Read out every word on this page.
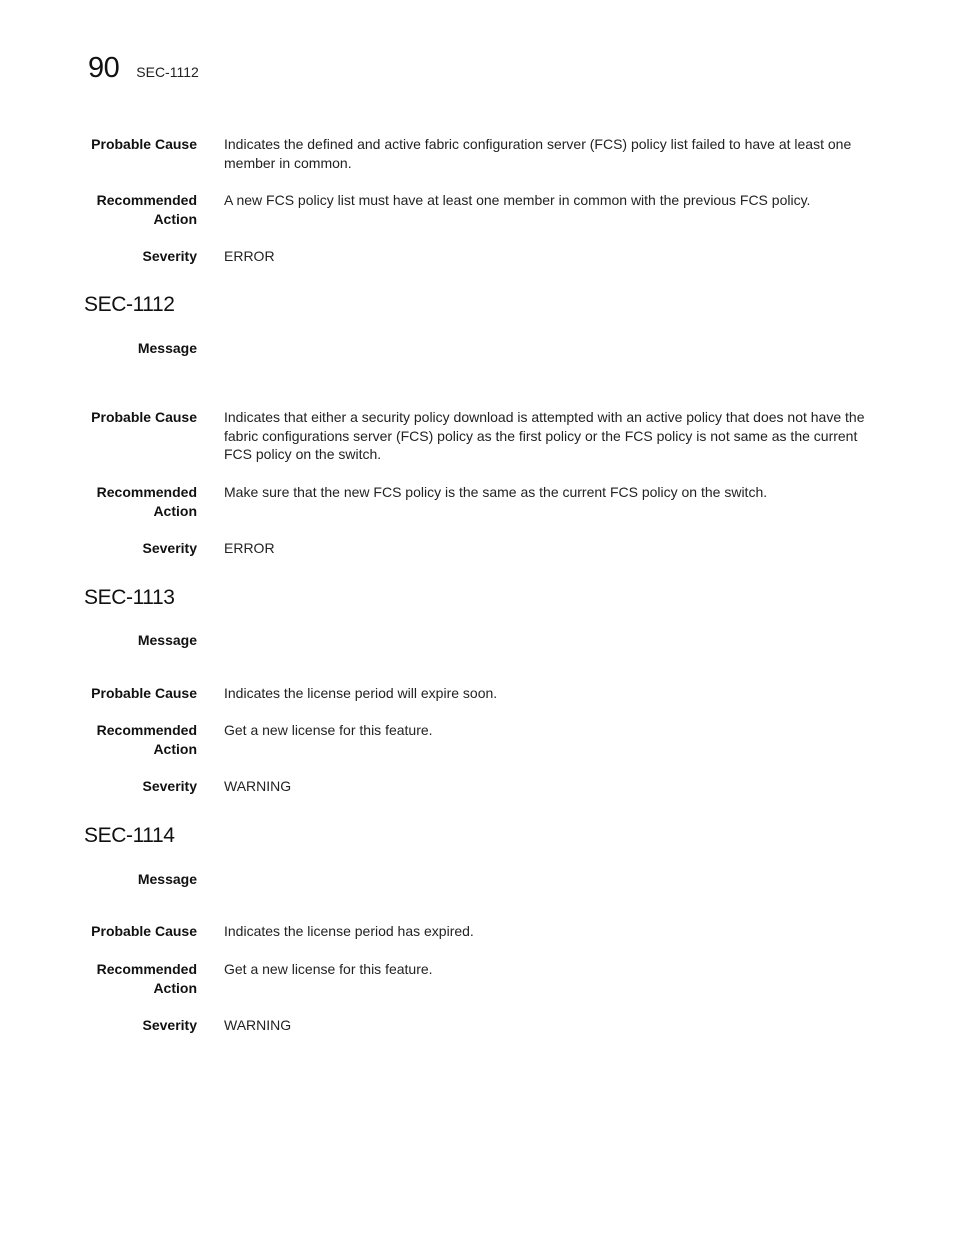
90 SEC-1112
Probable Cause Indicates the defined and active fabric configuration server (FCS) policy list failed to have at least one member in common.
Recommended
Action
A new FCS policy list must have at least one member in common with the previous FCS policy.
Severity ERROR
SEC-1112
Message
Probable Cause Indicates that either a security policy download is attempted with an active policy that does not have the fabric configurations server (FCS) policy as the first policy or the FCS policy is not same as the current FCS policy on the switch.
Recommended
Action
Make sure that the new FCS policy is the same as the current FCS policy on the switch.
Severity ERROR
SEC-1113
Message
Probable Cause Indicates the license period will expire soon.
Recommended
Action
Get a new license for this feature.
Severity WARNING
SEC-1114
Message
Probable Cause Indicates the license period has expired.
Recommended
Action
Get a new license for this feature.
Severity WARNING
